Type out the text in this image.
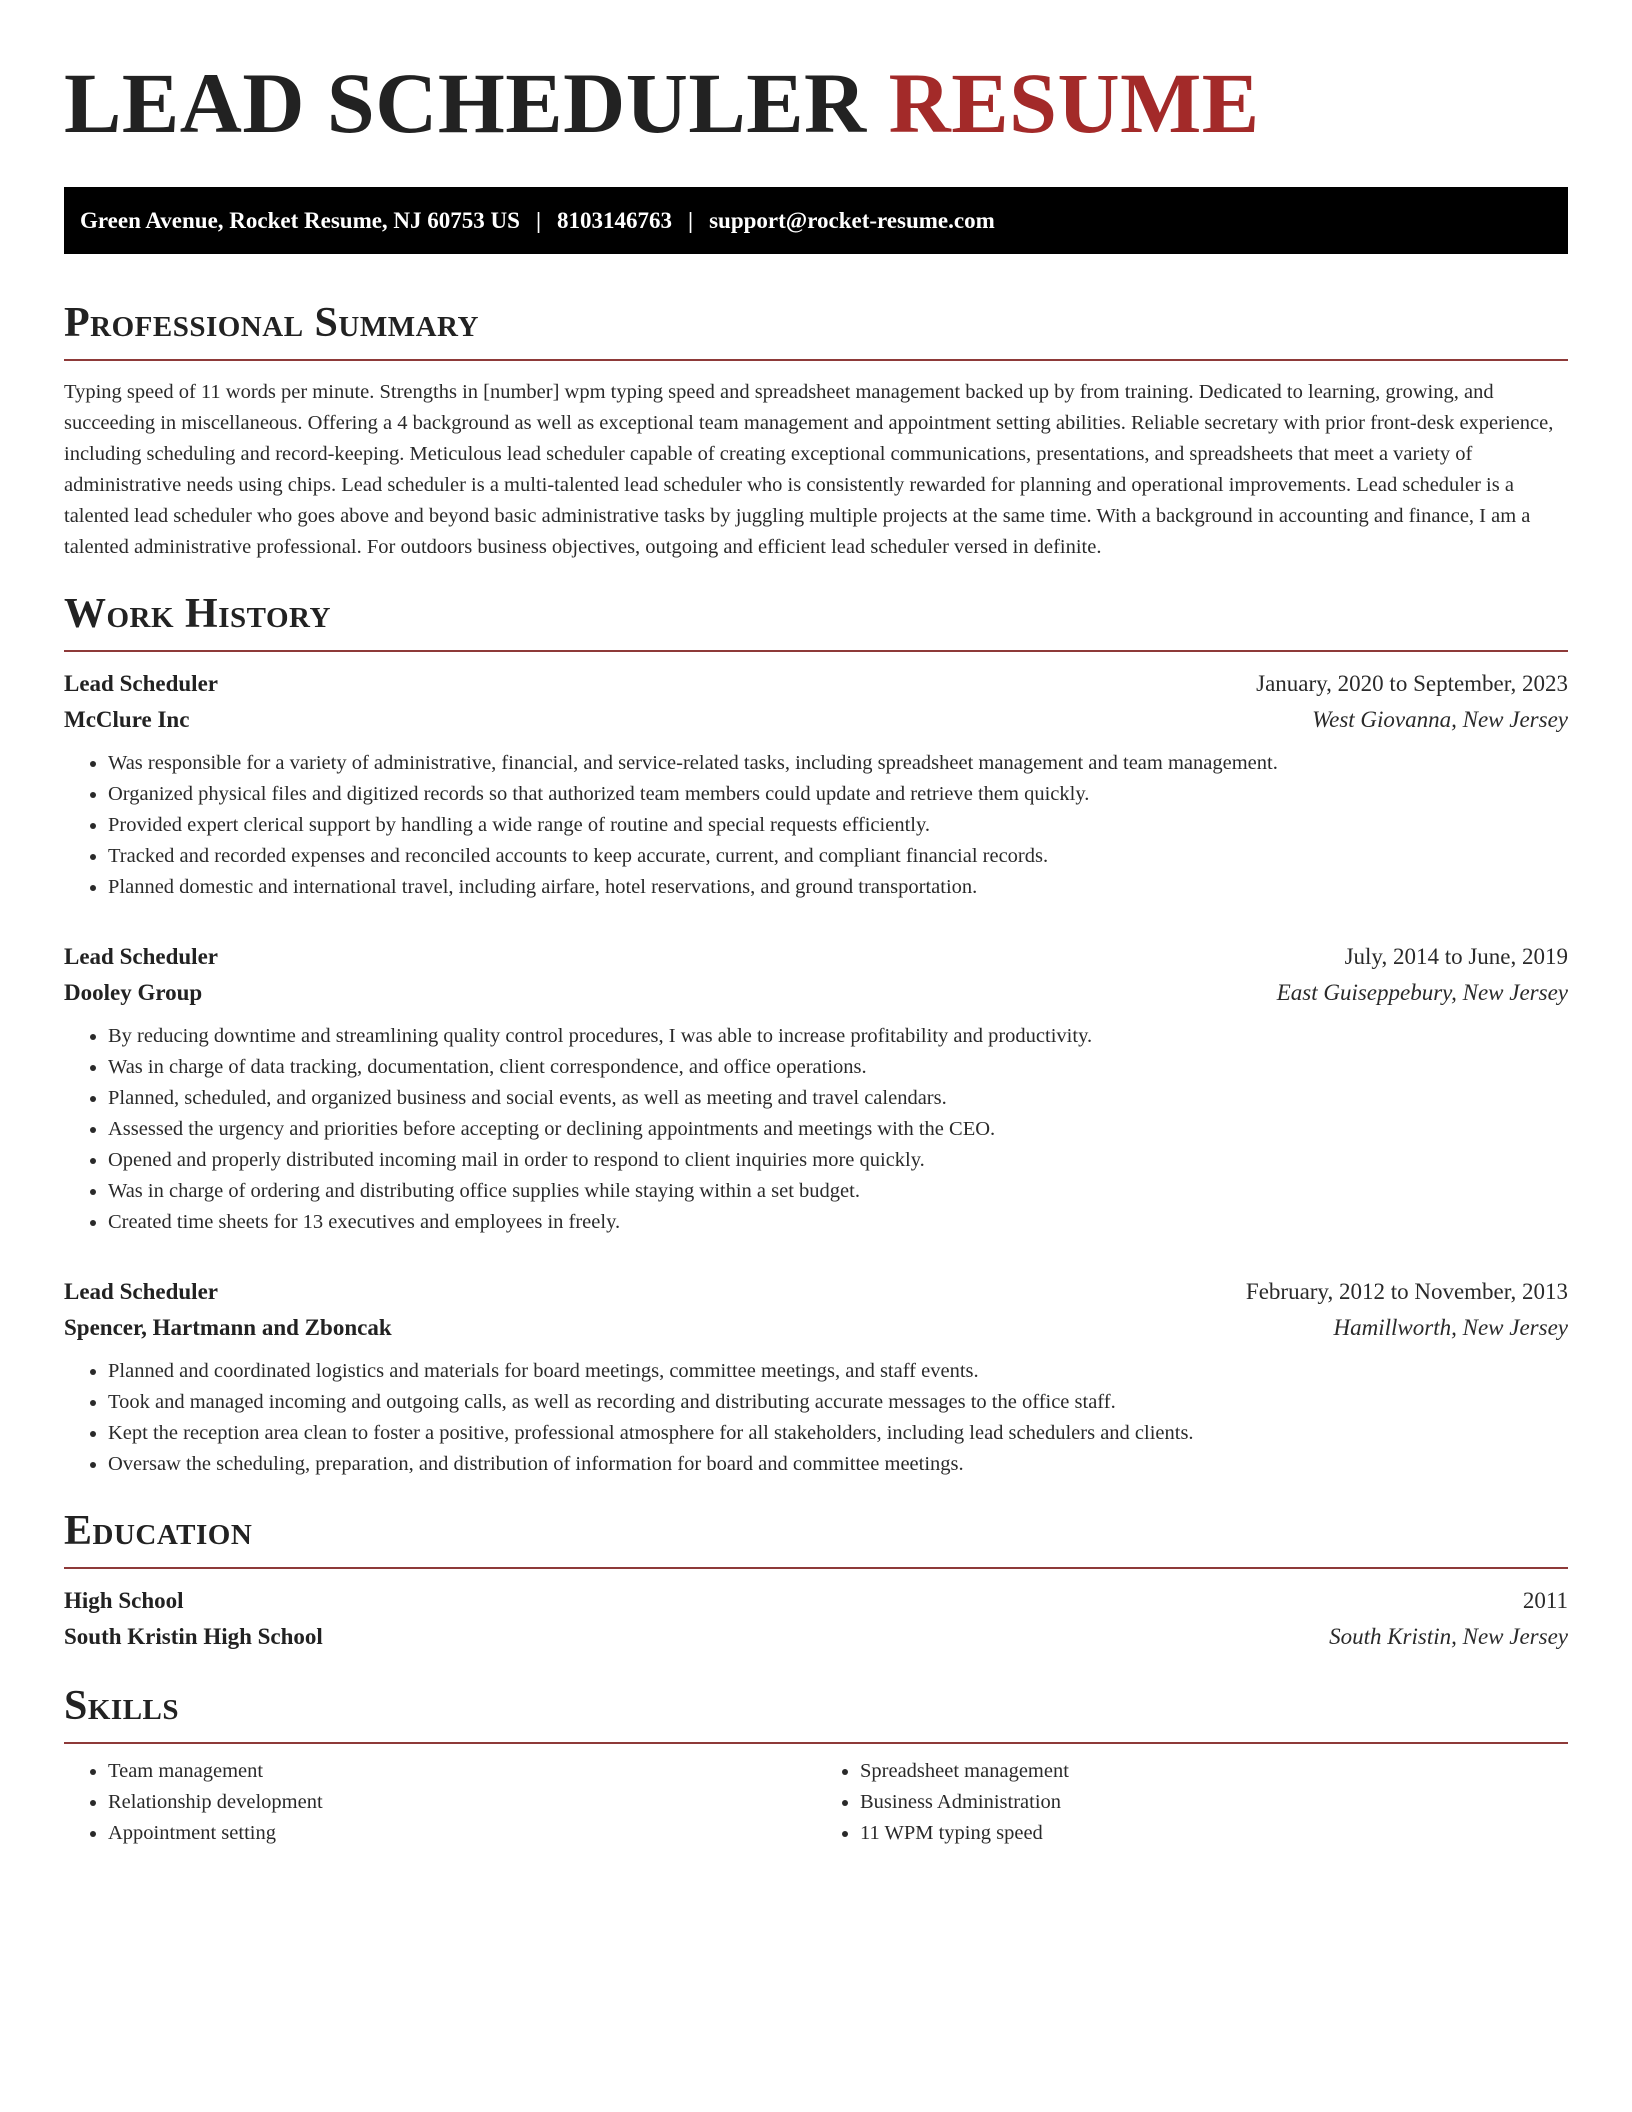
LEAD SCHEDULER RESUME
Green Avenue, Rocket Resume, NJ 60753 US | 8103146763 | support@rocket-resume.com
Professional Summary

Typing speed of 11 words per minute. Strengths in [number] wpm typing speed and spreadsheet management backed up by from training. Dedicated to learning, growing, and succeeding in miscellaneous. Offering a 4 background as well as exceptional team management and appointment setting abilities. Reliable secretary with prior front-desk experience, including scheduling and record-keeping. Meticulous lead scheduler capable of creating exceptional communications, presentations, and spreadsheets that meet a variety of administrative needs using chips. Lead scheduler is a multi-talented lead scheduler who is consistently rewarded for planning and operational improvements. Lead scheduler is a talented lead scheduler who goes above and beyond basic administrative tasks by juggling multiple projects at the same time. With a background in accounting and finance, I am a talented administrative professional. For outdoors business objectives, outgoing and efficient lead scheduler versed in definite.

Work History
Lead Scheduler	January, 2020 to September, 2023
McClure Inc	West Giovanna, New Jersey
• Was responsible for a variety of administrative, financial, and service-related tasks, including spreadsheet management and team management.
• Organized physical files and digitized records so that authorized team members could update and retrieve them quickly.
• Provided expert clerical support by handling a wide range of routine and special requests efficiently.
• Tracked and recorded expenses and reconciled accounts to keep accurate, current, and compliant financial records.
• Planned domestic and international travel, including airfare, hotel reservations, and ground transportation.
Lead Scheduler	July, 2014 to June, 2019
Dooley Group	East Guiseppebury, New Jersey
• By reducing downtime and streamlining quality control procedures, I was able to increase profitability and productivity.
• Was in charge of data tracking, documentation, client correspondence, and office operations.
• Planned, scheduled, and organized business and social events, as well as meeting and travel calendars.
• Assessed the urgency and priorities before accepting or declining appointments and meetings with the CEO.
• Opened and properly distributed incoming mail in order to respond to client inquiries more quickly.
• Was in charge of ordering and distributing office supplies while staying within a set budget.
• Created time sheets for 13 executives and employees in freely.
Lead Scheduler	February, 2012 to November, 2013
Spencer, Hartmann and Zboncak	Hamillworth, New Jersey
• Planned and coordinated logistics and materials for board meetings, committee meetings, and staff events.
• Took and managed incoming and outgoing calls, as well as recording and distributing accurate messages to the office staff.
• Kept the reception area clean to foster a positive, professional atmosphere for all stakeholders, including lead schedulers and clients.
• Oversaw the scheduling, preparation, and distribution of information for board and committee meetings.
Education
High School	2011
South Kristin High School	South Kristin, New Jersey
Skills
• Team management
• Relationship development
• Appointment setting
• Spreadsheet management
• Business Administration
• 11 WPM typing speed
